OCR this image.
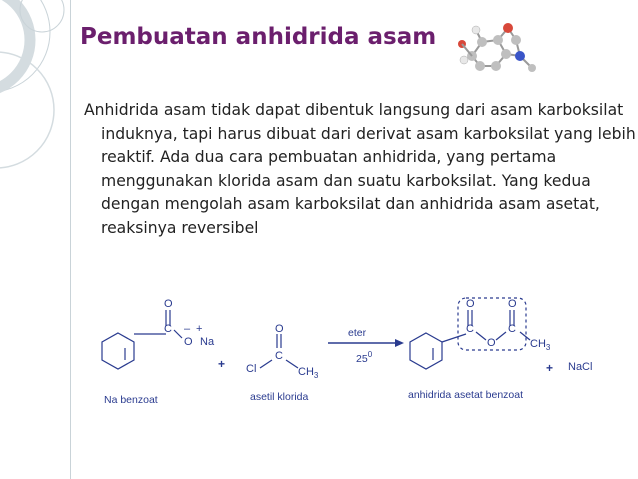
Pembuatan anhidrida asam

Anhidrida asam tidak dapat dibentuk langsung dari asam karboksilat induknya, tapi harus dibuat dari derivat asam karboksilat yang lebih reaktif. Ada dua cara pembuatan anhidrida, yang pertama menggunakan klorida asam dan suatu karboksilat. Yang kedua dengan mengolah asam karboksilat dan anhidrida asam asetat, reaksinya reversibel

O
C – +
O Na
Na benzoat
+
O
C
Cl	$CH_3$
asetil klorida
eter
$25^0$
O
C
O
O
C
$CH_3$
anhidrida asetat benzoat
+ NaCl
